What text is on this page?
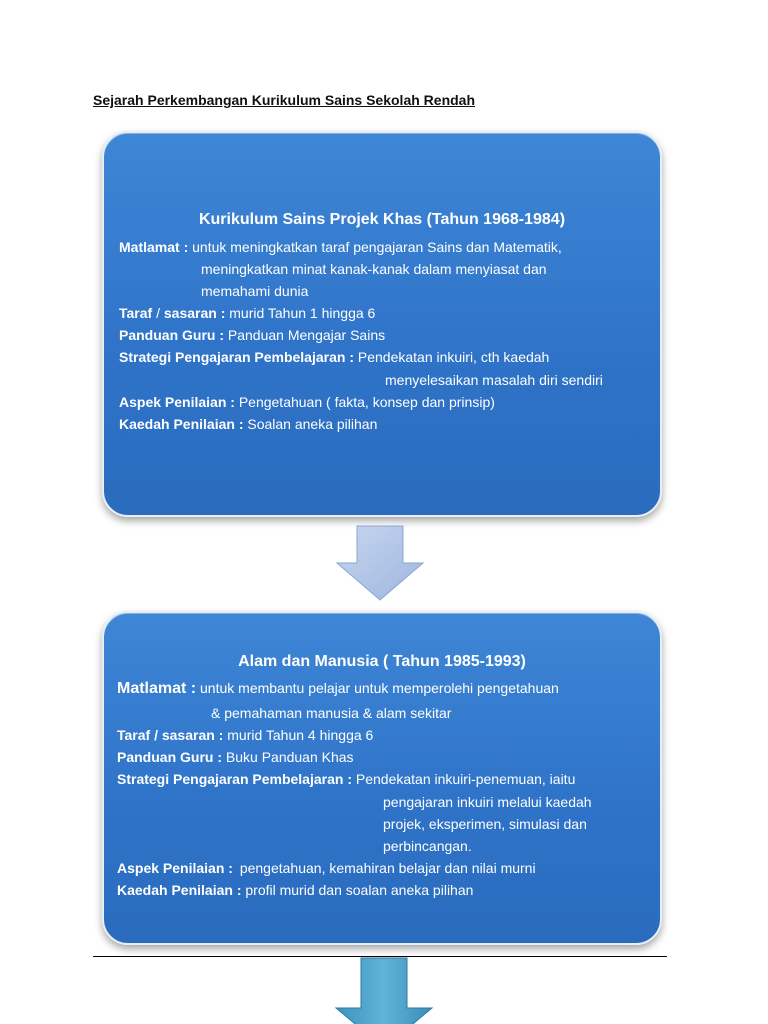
Sejarah Perkembangan Kurikulum Sains Sekolah Rendah
Kurikulum Sains Projek Khas (Tahun 1968-1984)
Matlamat : untuk meningkatkan taraf pengajaran Sains dan Matematik,
meningkatkan minat kanak-kanak dalam menyiasat dan
memahami dunia
Taraf / sasaran : murid Tahun 1 hingga 6
Panduan Guru : Panduan Mengajar Sains
Strategi Pengajaran Pembelajaran : Pendekatan inkuiri, cth kaedah
menyelesaikan masalah diri sendiri
Aspek Penilaian : Pengetahuan ( fakta, konsep dan prinsip)
Kaedah Penilaian : Soalan aneka pilihan
Alam dan Manusia ( Tahun 1985-1993)
Matlamat : untuk membantu pelajar untuk memperolehi pengetahuan
& pemahaman manusia & alam sekitar
Taraf / sasaran : murid Tahun 4 hingga 6
Panduan Guru : Buku Panduan Khas
Strategi Pengajaran Pembelajaran : Pendekatan inkuiri-penemuan, iaitu
pengajaran inkuiri melalui kaedah
projek, eksperimen, simulasi dan
perbincangan.
Aspek Penilaian : pengetahuan, kemahiran belajar dan nilai murni
Kaedah Penilaian : profil murid dan soalan aneka pilihan
